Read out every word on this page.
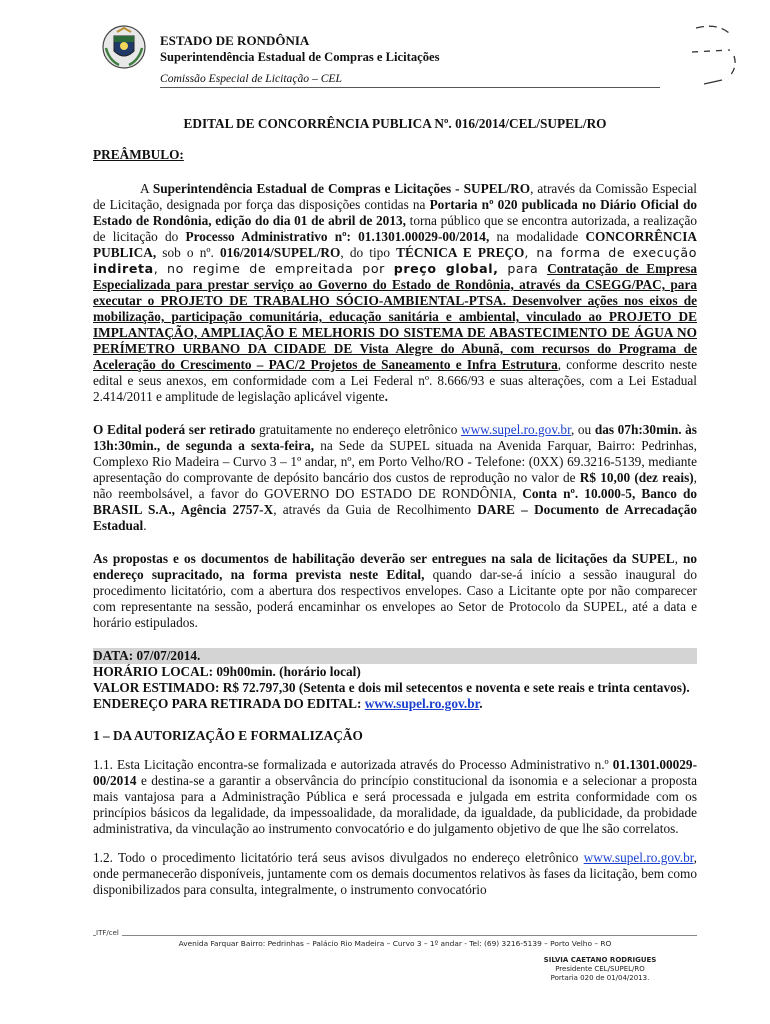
ESTADO DE RONDÔNIA
Superintendência Estadual de Compras e Licitações
Comissão Especial de Licitação – CEL

EDITAL DE CONCORRÊNCIA PUBLICA Nº. 016/2014/CEL/SUPEL/RO

PREÂMBULO:

A Superintendência Estadual de Compras e Licitações - SUPEL/RO, através da Comissão Especial de Licitação, designada por força das disposições contidas na Portaria nº 020 publicada no Diário Oficial do Estado de Rondônia, edição do dia 01 de abril de 2013, torna público que se encontra autorizada, a realização de licitação do Processo Administrativo nº: 01.1301.00029-00/2014, na modalidade CONCORRÊNCIA PUBLICA, sob o nº. 016/2014/SUPEL/RO, do tipo TÉCNICA E PREÇO, na forma de execução indireta, no regime de empreitada por preço global, para Contratação de Empresa Especializada para prestar serviço ao Governo do Estado de Rondônia, através da CSEGG/PAC, para executar o PROJETO DE TRABALHO SÓCIO-AMBIENTAL-PTSA. Desenvolver ações nos eixos de mobilização, participação comunitária, educação sanitária e ambiental, vinculado ao PROJETO DE IMPLANTAÇÃO, AMPLIAÇÃO E MELHORIS DO SISTEMA DE ABASTECIMENTO DE ÁGUA NO PERÍMETRO URBANO DA CIDADE DE Vista Alegre do Abunã, com recursos do Programa de Aceleração do Crescimento – PAC/2 Projetos de Saneamento e Infra Estrutura, conforme descrito neste edital e seus anexos, em conformidade com a Lei Federal nº. 8.666/93 e suas alterações, com a Lei Estadual 2.414/2011 e amplitude de legislação aplicável vigente.

O Edital poderá ser retirado gratuitamente no endereço eletrônico www.supel.ro.gov.br, ou das 07h:30min. às 13h:30min., de segunda a sexta-feira, na Sede da SUPEL situada na Avenida Farquar, Bairro: Pedrinhas, Complexo Rio Madeira – Curvo 3 – 1º andar, nº, em Porto Velho/RO - Telefone: (0XX) 69.3216-5139, mediante apresentação do comprovante de depósito bancário dos custos de reprodução no valor de R$ 10,00 (dez reais), não reembolsável, a favor do GOVERNO DO ESTADO DE RONDÔNIA, Conta nº. 10.000-5, Banco do BRASIL S.A., Agência 2757-X, através da Guia de Recolhimento DARE – Documento de Arrecadação Estadual.

As propostas e os documentos de habilitação deverão ser entregues na sala de licitações da SUPEL, no endereço supracitado, na forma prevista neste Edital, quando dar-se-á início a sessão inaugural do procedimento licitatório, com a abertura dos respectivos envelopes. Caso a Licitante opte por não comparecer com representante na sessão, poderá encaminhar os envelopes ao Setor de Protocolo da SUPEL, até a data e horário estipulados.

DATA: 07/07/2014.

HORÁRIO LOCAL: 09h00min. (horário local)

VALOR ESTIMADO: R$ 72.797,30 (Setenta e dois mil setecentos e noventa e sete reais e trinta centavos).

ENDEREÇO PARA RETIRADA DO EDITAL: www.supel.ro.gov.br.

1 – DA AUTORIZAÇÃO E FORMALIZAÇÃO

1.1. Esta Licitação encontra-se formalizada e autorizada através do Processo Administrativo n.º 01.1301.00029-00/2014 e destina-se a garantir a observância do princípio constitucional da isonomia e a selecionar a proposta mais vantajosa para a Administração Pública e será processada e julgada em estrita conformidade com os princípios básicos da legalidade, da impessoalidade, da moralidade, da igualdade, da publicidade, da probidade administrativa, da vinculação ao instrumento convocatório e do julgamento objetivo de que lhe são correlatos.

1.2. Todo o procedimento licitatório terá seus avisos divulgados no endereço eletrônico www.supel.ro.gov.br, onde permanecerão disponíveis, juntamente com os demais documentos relativos às fases da licitação, bem como disponibilizados para consulta, integralmente, o instrumento convocatório

ITF/cel
Avenida Farquar Bairro: Pedrinhas – Palácio Rio Madeira – Curvo 3 – 1º andar - Tel: (69) 3216-5139 – Porto Velho – RO
SILVIA CAETANO RODRIGUES
Presidente CEL/SUPEL/RO
Portaria 020 de 01/04/2013.
